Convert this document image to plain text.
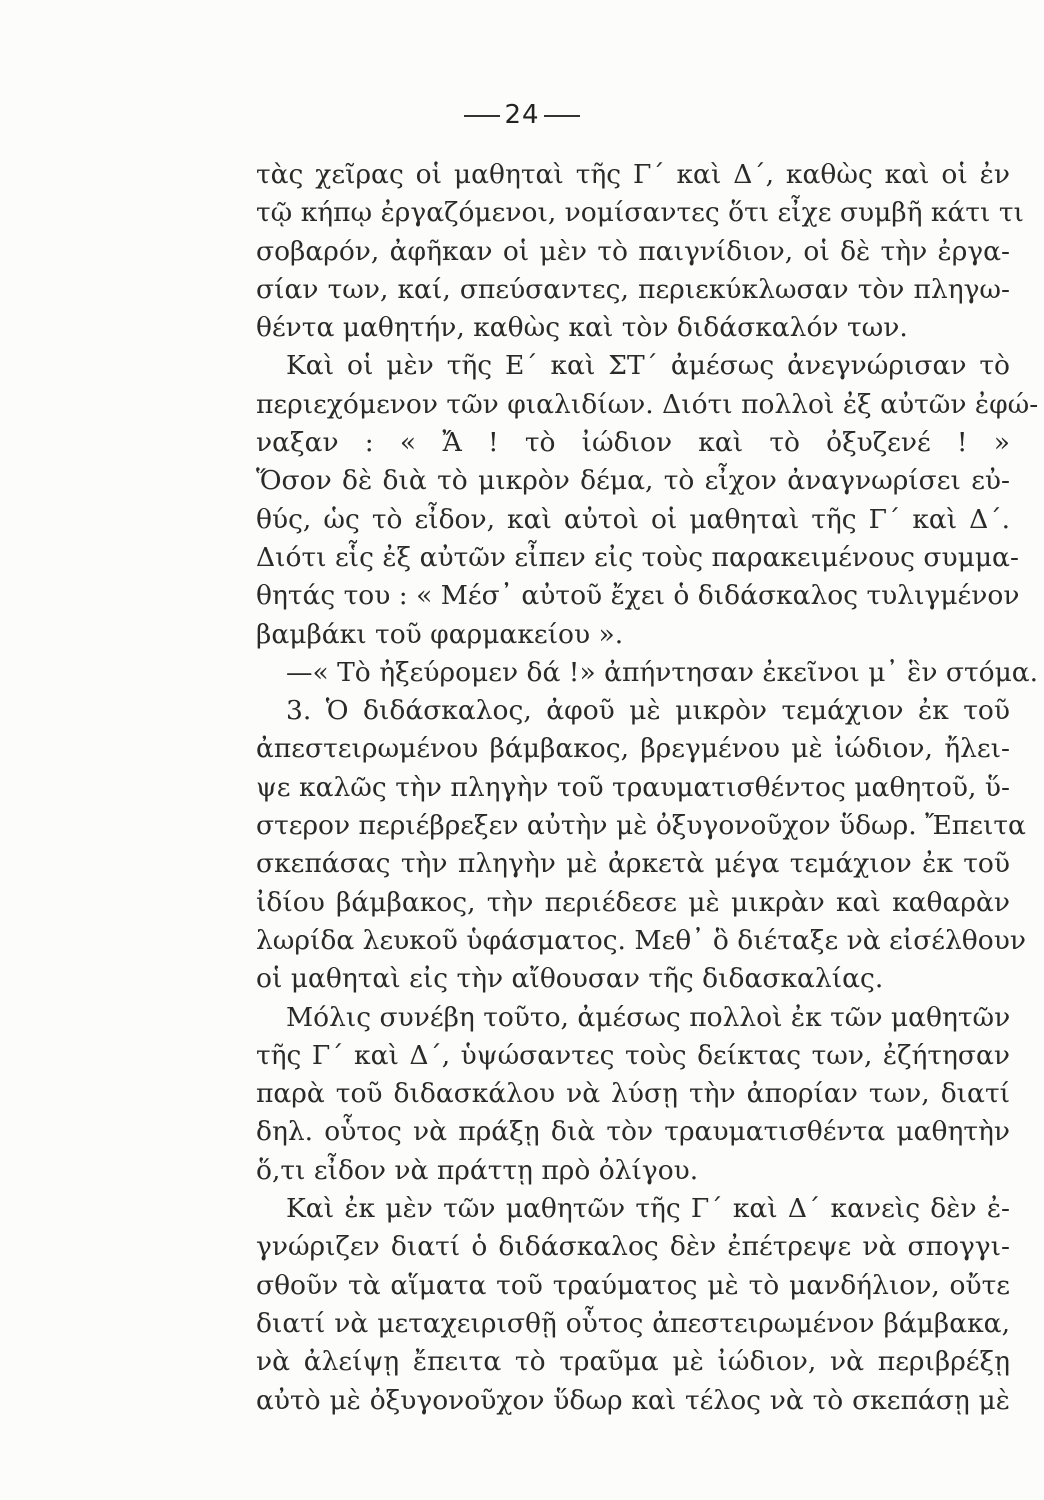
24
τὰς χεῖρας οἱ μαθηταὶ τῆς Γ´ καὶ Δ´, καθὼς καὶ οἱ ἐν
τῷ κήπῳ ἐργαζόμενοι, νομίσαντες ὅτι εἶχε συμβῆ κάτι τι
σοβαρόν, ἀφῆκαν οἱ μὲν τὸ παιγνίδιον, οἱ δὲ τὴν ἐργα-
σίαν των, καί, σπεύσαντες, περιεκύκλωσαν τὸν πληγω-
θέντα μαθητήν, καθὼς καὶ τὸν διδάσκαλόν των.
Καὶ οἱ μὲν τῆς Ε´ καὶ ΣΤ´ ἀμέσως ἀνεγνώρισαν τὸ
περιεχόμενον τῶν φιαλιδίων. Διότι πολλοὶ ἐξ αὐτῶν ἐφώ-
ναξαν : « Ἄ ! τὸ ἰώδιον καὶ τὸ ὀξυζενέ ! »
Ὅσον δὲ διὰ τὸ μικρὸν δέμα, τὸ εἶχον ἀναγνωρίσει εὐ-
θύς, ὡς τὸ εἶδον, καὶ αὐτοὶ οἱ μαθηταὶ τῆς Γ´ καὶ Δ´.
Διότι εἷς ἐξ αὐτῶν εἶπεν εἰς τοὺς παρακειμένους συμμα-
θητάς του : « Μέσ᾽ αὐτοῦ ἔχει ὁ διδάσκαλος τυλιγμένον
βαμβάκι τοῦ φαρμακείου ».
—« Τὸ ἠξεύρομεν δά !» ἀπήντησαν ἐκεῖνοι μ᾽ ἓν στόμα.
3. Ὁ διδάσκαλος, ἀφοῦ μὲ μικρὸν τεμάχιον ἐκ τοῦ
ἀπεστειρωμένου βάμβακος, βρεγμένου μὲ ἰώδιον, ἤλει-
ψε καλῶς τὴν πληγὴν τοῦ τραυματισθέντος μαθητοῦ, ὕ-
στερον περιέβρεξεν αὐτὴν μὲ ὀξυγονοῦχον ὕδωρ. Ἔπειτα
σκεπάσας τὴν πληγὴν μὲ ἀρκετὰ μέγα τεμάχιον ἐκ τοῦ
ἰδίου βάμβακος, τὴν περιέδεσε μὲ μικρὰν καὶ καθαρὰν
λωρίδα λευκοῦ ὑφάσματος. Μεθ᾽ ὃ διέταξε νὰ εἰσέλθουν
οἱ μαθηταὶ εἰς τὴν αἴθουσαν τῆς διδασκαλίας.
Μόλις συνέβη τοῦτο, ἀμέσως πολλοὶ ἐκ τῶν μαθητῶν
τῆς Γ´ καὶ Δ´, ὑψώσαντες τοὺς δείκτας των, ἐζήτησαν
παρὰ τοῦ διδασκάλου νὰ λύσῃ τὴν ἀπορίαν των, διατί
δηλ. οὗτος νὰ πράξῃ διὰ τὸν τραυματισθέντα μαθητὴν
ὅ,τι εἶδον νὰ πράττῃ πρὸ ὀλίγου.
Καὶ ἐκ μὲν τῶν μαθητῶν τῆς Γ´ καὶ Δ´ κανεὶς δὲν ἐ-
γνώριζεν διατί ὁ διδάσκαλος δὲν ἐπέτρεψε νὰ σπογγι-
σθοῦν τὰ αἵματα τοῦ τραύματος μὲ τὸ μανδήλιον, οὔτε
διατί νὰ μεταχειρισθῇ οὗτος ἀπεστειρωμένον βάμβακα,
νὰ ἀλείψῃ ἔπειτα τὸ τραῦμα μὲ ἰώδιον, νὰ περιβρέξῃ
αὐτὸ μὲ ὀξυγονοῦχον ὕδωρ καὶ τέλος νὰ τὸ σκεπάσῃ μὲ
